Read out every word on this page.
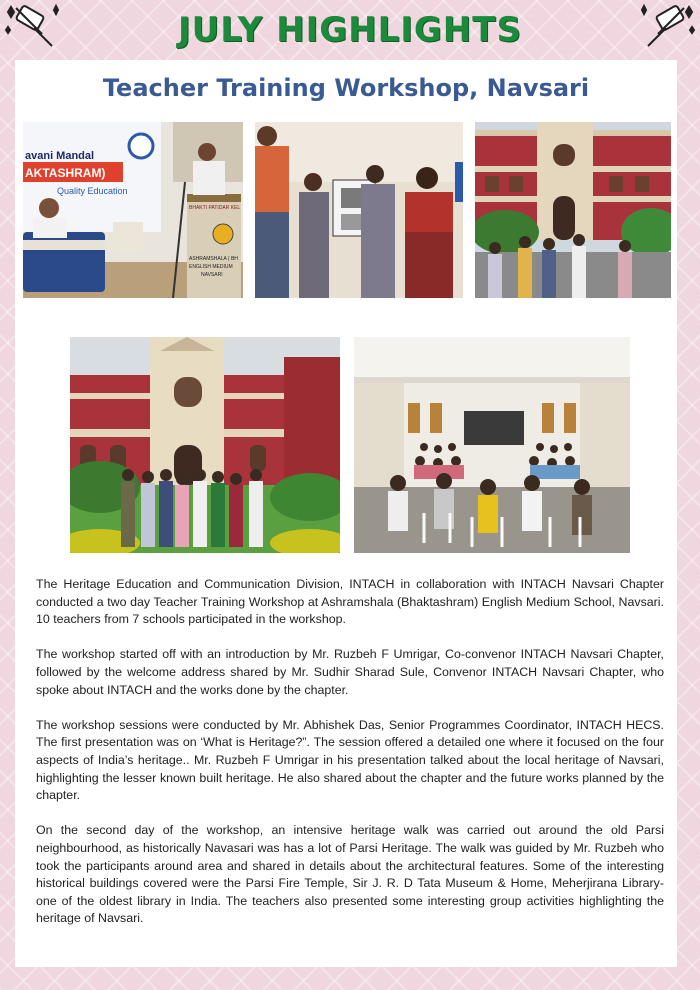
JULY HIGHLIGHTS
Teacher Training Workshop, Navsari
avani Mandal
AKTASHRAM)
Quality Education
BHAKTI PATIDAR KEL
ASHRAMSHALA ( BH
ENGLISH MEDIUM
NAVSARI

The Heritage Education and Communication Division, INTACH in collaboration with INTACH Navsari Chapter conducted a two day Teacher Training Workshop at Ashramshala (Bhaktashram) English Medium School, Navsari. 10 teachers from 7 schools participated in the workshop.

The workshop started off with an introduction by Mr. Ruzbeh F Umrigar, Co-convenor INTACH Navsari Chapter, followed by the welcome address shared by Mr. Sudhir Sharad Sule, Convenor INTACH Navsari Chapter, who spoke about INTACH and the works done by the chapter.

The workshop sessions were conducted by Mr. Abhishek Das, Senior Programmes Coordinator, INTACH HECS. The first presentation was on ‘What is Heritage?”. The session offered a detailed one where it focused on the four aspects of India’s heritage.. Mr. Ruzbeh F Umrigar in his presentation talked about the local heritage of Navsari, highlighting the lesser known built heritage. He also shared about the chapter and the future works planned by the chapter.

On the second day of the workshop, an intensive heritage walk was carried out around the old Parsi neighbourhood, as historically Navasari was has a lot of Parsi Heritage. The walk was guided by Mr. Ruzbeh who took the participants around area and shared in details about the architectural features. Some of the interesting historical buildings covered were the Parsi Fire Temple, Sir J. R. D Tata Museum & Home, Meherjirana Library- one of the oldest library in India. The teachers also presented some interesting group activities highlighting the heritage of Navsari.
